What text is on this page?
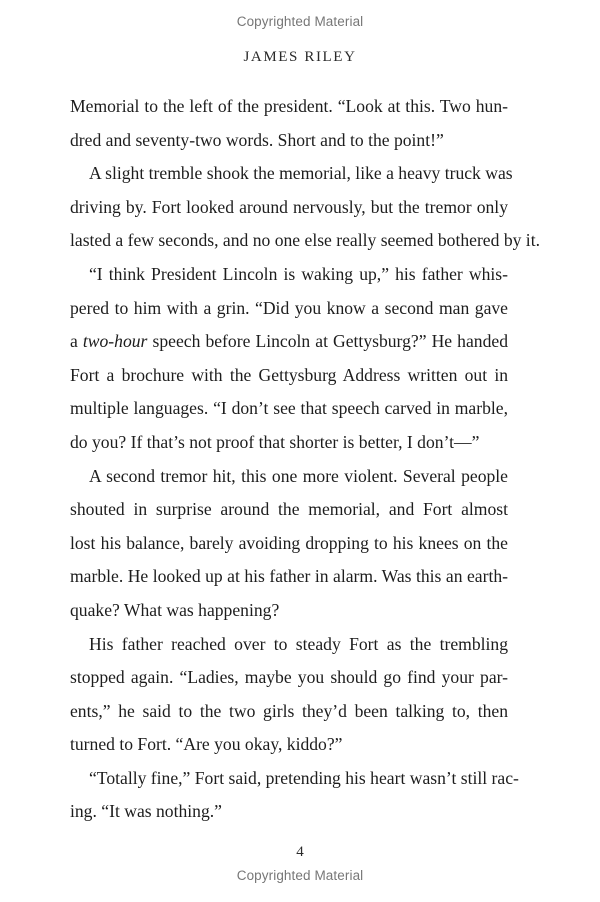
Copyrighted Material
JAMES RILEY
Memorial to the left of the president. “Look at this. Two hun-
dred and seventy-two words. Short and to the point!”
A slight tremble shook the memorial, like a heavy truck was
driving by. Fort looked around nervously, but the tremor only
lasted a few seconds, and no one else really seemed bothered by it.
“I think President Lincoln is waking up,” his father whis-
pered to him with a grin. “Did you know a second man gave
a two-hour speech before Lincoln at Gettysburg?” He handed
Fort a brochure with the Gettysburg Address written out in
multiple languages. “I don’t see that speech carved in marble,
do you? If that’s not proof that shorter is better, I don’t—”
A second tremor hit, this one more violent. Several people
shouted in surprise around the memorial, and Fort almost
lost his balance, barely avoiding dropping to his knees on the
marble. He looked up at his father in alarm. Was this an earth-
quake? What was happening?
His father reached over to steady Fort as the trembling
stopped again. “Ladies, maybe you should go find your par-
ents,” he said to the two girls they’d been talking to, then
turned to Fort. “Are you okay, kiddo?”
“Totally fine,” Fort said, pretending his heart wasn’t still rac-
ing. “It was nothing.”
4
Copyrighted Material
